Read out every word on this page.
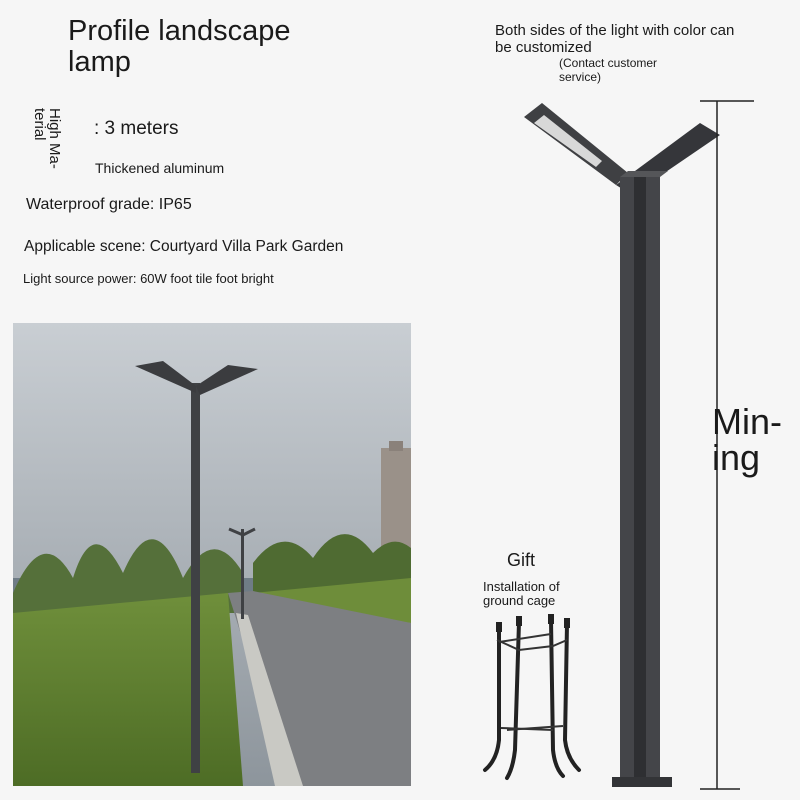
Profile landscape lamp
High Ma-terial	: 3 meters
Thickened aluminum
Waterproof grade: IP65
Applicable scene: Courtyard Villa Park Garden
Light source power: 60W foot tile foot bright
Both sides of the light with color can be customized
(Contact customer service)
Min-ing
Gift
Installation of ground cage
